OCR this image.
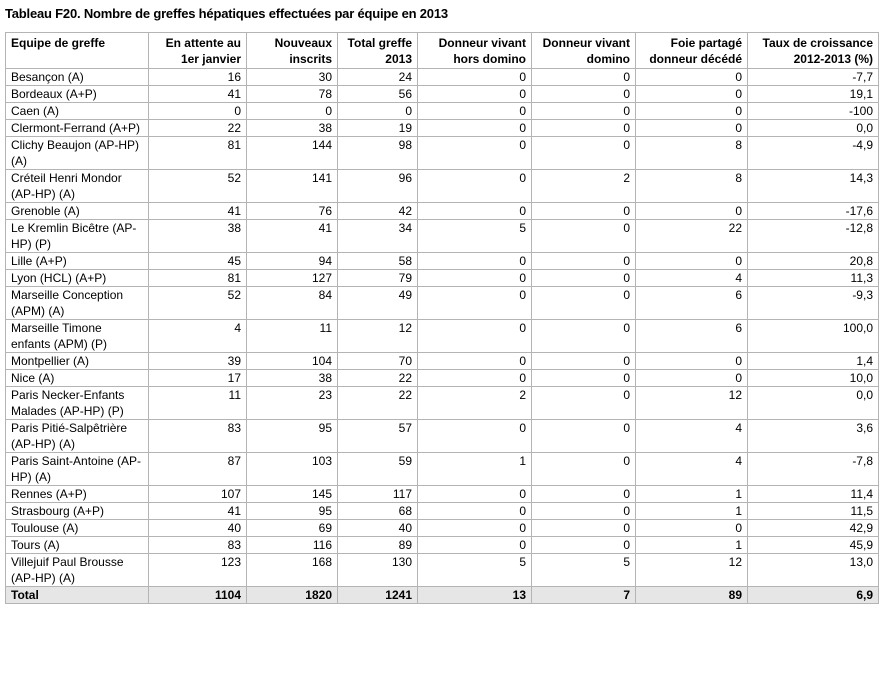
Tableau F20. Nombre de greffes hépatiques effectuées par équipe en 2013
Equipe de greffe	En attente au 1er janvier	Nouveaux inscrits	Total greffe 2013	Donneur vivant hors domino	Donneur vivant domino	Foie partagé donneur décédé	Taux de croissance 2012-2013 (%)
Besançon (A)	16	30	24	0	0	0	-7,7
Bordeaux (A+P)	41	78	56	0	0	0	19,1
Caen (A)	0	0	0	0	0	0	-100
Clermont-Ferrand (A+P)	22	38	19	0	0	0	0,0
Clichy Beaujon (AP-HP) (A)	81	144	98	0	0	8	-4,9
Créteil Henri Mondor (AP-HP) (A)	52	141	96	0	2	8	14,3
Grenoble (A)	41	76	42	0	0	0	-17,6
Le Kremlin Bicêtre (AP-HP) (P)	38	41	34	5	0	22	-12,8
Lille (A+P)	45	94	58	0	0	0	20,8
Lyon (HCL) (A+P)	81	127	79	0	0	4	11,3
Marseille Conception (APM) (A)	52	84	49	0	0	6	-9,3
Marseille Timone enfants (APM) (P)	4	11	12	0	0	6	100,0
Montpellier (A)	39	104	70	0	0	0	1,4
Nice (A)	17	38	22	0	0	0	10,0
Paris Necker-Enfants Malades (AP-HP) (P)	11	23	22	2	0	12	0,0
Paris Pitié-Salpêtrière (AP-HP) (A)	83	95	57	0	0	4	3,6
Paris Saint-Antoine (AP-HP) (A)	87	103	59	1	0	4	-7,8
Rennes (A+P)	107	145	117	0	0	1	11,4
Strasbourg (A+P)	41	95	68	0	0	1	11,5
Toulouse (A)	40	69	40	0	0	0	42,9
Tours (A)	83	116	89	0	0	1	45,9
Villejuif Paul Brousse (AP-HP) (A)	123	168	130	5	5	12	13,0
Total	1104	1820	1241	13	7	89	6,9
